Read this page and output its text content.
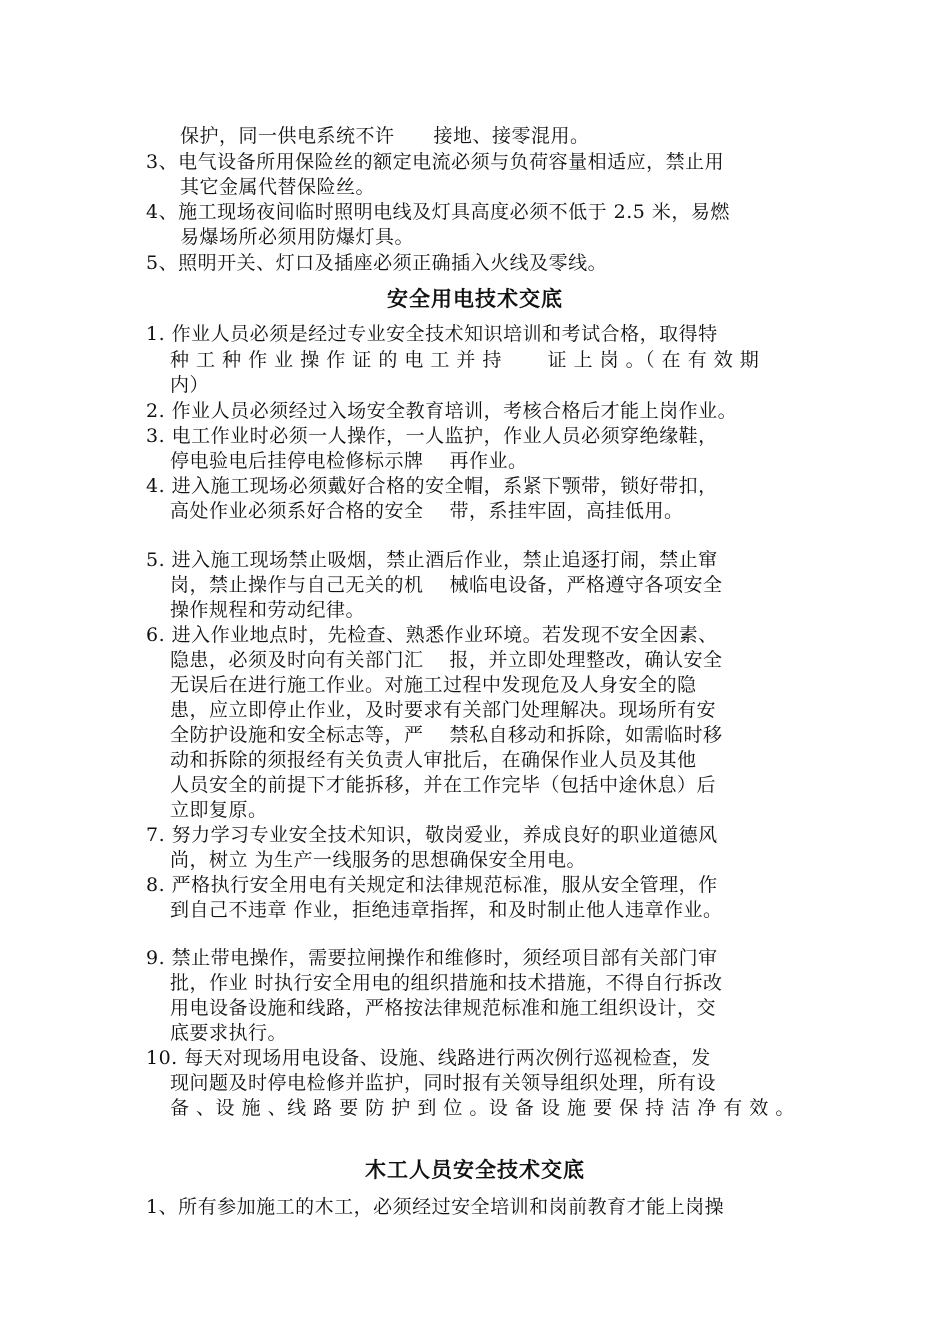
保护，同一供电系统不许　　接地、接零混用。
3、电气设备所用保险丝的额定电流必须与负荷容量相适应，禁止用
其它金属代替保险丝。
4、施工现场夜间临时照明电线及灯具高度必须不低于 2.5 米，易燃
易爆场所必须用防爆灯具。
5、照明开关、灯口及插座必须正确插入火线及零线。
安全用电技术交底
1. 作业人员必须是经过专业安全技术知识培训和考试合格，取得特
种 工 种 作 业 操 作 证 的 电 工 并 持　　 证 上 岗 。（ 在 有 效 期
内）
2. 作业人员必须经过入场安全教育培训，考核合格后才能上岗作业。
3. 电工作业时必须一人操作，一人监护，作业人员必须穿绝缘鞋，
停电验电后挂停电检修标示牌　 再作业。
4. 进入施工现场必须戴好合格的安全帽，系紧下颚带，锁好带扣，
高处作业必须系好合格的安全　 带，系挂牢固，高挂低用。
5. 进入施工现场禁止吸烟，禁止酒后作业，禁止追逐打闹，禁止窜
岗，禁止操作与自己无关的机　 械临电设备，严格遵守各项安全
操作规程和劳动纪律。
6. 进入作业地点时，先检查、熟悉作业环境。若发现不安全因素、
隐患，必须及时向有关部门汇　 报，并立即处理整改，确认安全
无误后在进行施工作业。对施工过程中发现危及人身安全的隐
患，应立即停止作业，及时要求有关部门处理解决。现场所有安
全防护设施和安全标志等，严　 禁私自移动和拆除，如需临时移
动和拆除的须报经有关负责人审批后，在确保作业人员及其他
人员安全的前提下才能拆移，并在工作完毕（包括中途休息）后
立即复原。
7. 努力学习专业安全技术知识，敬岗爱业，养成良好的职业道德风
尚，树立 为生产一线服务的思想确保安全用电。
8. 严格执行安全用电有关规定和法律规范标准，服从安全管理，作
到自己不违章 作业，拒绝违章指挥，和及时制止他人违章作业。
9. 禁止带电操作，需要拉闸操作和维修时，须经项目部有关部门审
批，作业 时执行安全用电的组织措施和技术措施，不得自行拆改
用电设备设施和线路，严格按法律规范标准和施工组织设计，交
底要求执行。
10. 每天对现场用电设备、设施、线路进行两次例行巡视检查，发
现问题及时停电检修并监护，同时报有关领导组织处理，所有设
备 、设 施 、线 路 要 防 护 到 位 。设 备 设 施 要 保 持 洁 净 有 效 。
木工人员安全技术交底
1、所有参加施工的木工，必须经过安全培训和岗前教育才能上岗操
